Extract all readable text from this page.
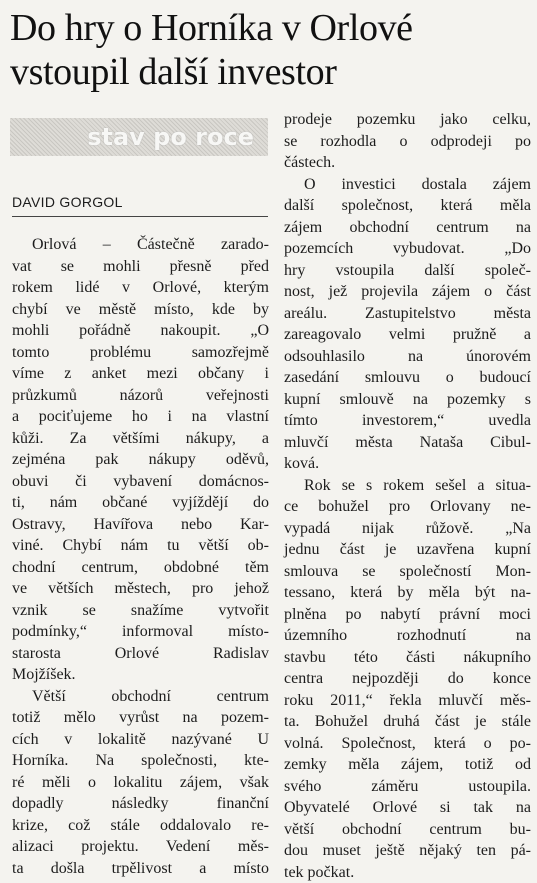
Do hry o Horníka v Orlové
vstoupil další investor
stav po roce
DAVID GORGOL
Orlová – Částečně zarado-
vat se mohli přesně před
rokem lidé v Orlové, kterým
chybí ve městě místo, kde by
mohli pořádně nakoupit. „O
tomto problému samozřejmě
víme z anket mezi občany i
průzkumů názorů veřejnosti
a pociťujeme ho i na vlastní
kůži. Za většími nákupy, a
zejména pak nákupy oděvů,
obuvi či vybavení domácnos-
ti, nám občané vyjíždějí do
Ostravy, Havířova nebo Kar-
viné. Chybí nám tu větší ob-
chodní centrum, obdobné těm
ve větších městech, pro jehož
vznik se snažíme vytvořit
podmínky,“ informoval místo-
starosta Orlové Radislav
Mojžíšek.
Větší obchodní centrum
totiž mělo vyrůst na pozem-
cích v lokalitě nazývané U
Horníka. Na společnosti, kte-
ré měli o lokalitu zájem, však
dopadly následky finanční
krize, což stále oddalovalo re-
alizaci projektu. Vedení měs-
ta došla trpělivost a místo
prodeje pozemku jako celku,
se rozhodla o odprodeji po
částech.
O investici dostala zájem
další společnost, která měla
zájem obchodní centrum na
pozemcích vybudovat. „Do
hry vstoupila další společ-
nost, jež projevila zájem o část
areálu. Zastupitelstvo města
zareagovalo velmi pružně a
odsouhlasilo na únorovém
zasedání smlouvu o budoucí
kupní smlouvě na pozemky s
tímto investorem,“ uvedla
mluvčí města Nataša Cibul-
ková.
Rok se s rokem sešel a situa-
ce bohužel pro Orlovany ne-
vypadá nijak růžově. „Na
jednu část je uzavřena kupní
smlouva se společností Mon-
tessano, která by měla být na-
plněna po nabytí právní moci
územního rozhodnutí na
stavbu této části nákupního
centra nejpozději do konce
roku 2011,“ řekla mluvčí měs-
ta. Bohužel druhá část je stále
volná. Společnost, která o po-
zemky měla zájem, totiž od
svého záměru ustoupila.
Obyvatelé Orlové si tak na
větší obchodní centrum bu-
dou muset ještě nějaký ten pá-
tek počkat.
